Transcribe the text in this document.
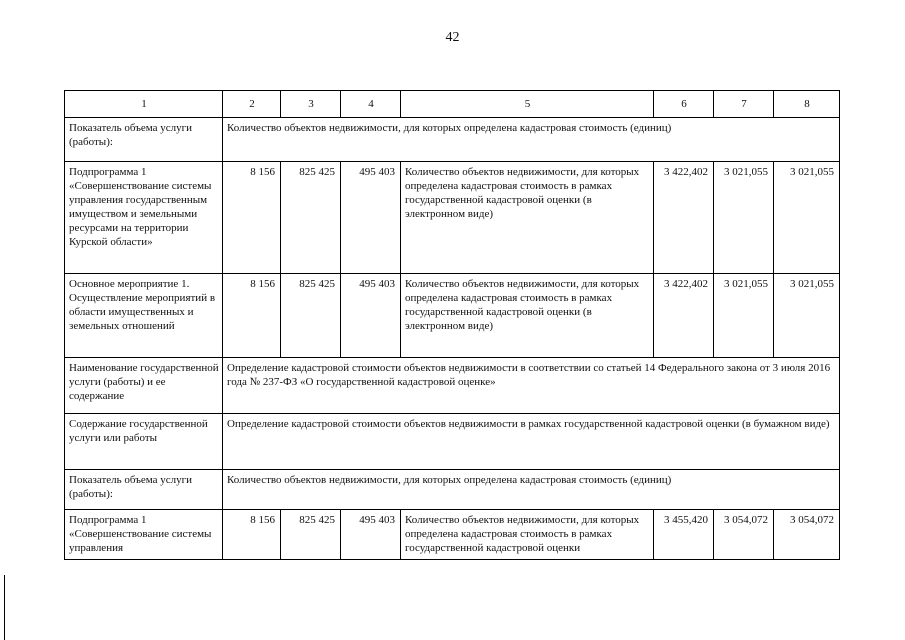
42
1	2	3	4	5	6	7	8
Показатель объема услуги (работы):	Количество объектов недвижимости, для которых определена кадастровая стоимость (единиц)						
Подпрограмма 1 «Совершенствование системы управления государственным имуществом и земельными ресурсами на территории Курской области»	8 156	825 425	495 403	Количество объектов недвижимости, для которых определена кадастровая стоимость в рамках государственной кадастровой оценки (в электронном виде)	3 422,402	3 021,055	3 021,055
Основное мероприятие 1. Осуществление мероприятий в области имущественных и земельных отношений	8 156	825 425	495 403	Количество объектов недвижимости, для которых определена кадастровая стоимость в рамках государственной кадастровой оценки (в электронном виде)	3 422,402	3 021,055	3 021,055
Наименование государственной услуги (работы) и ее содержание	Определение кадастровой стоимости объектов недвижимости в соответствии со статьей 14 Федерального закона от 3 июля 2016 года № 237-ФЗ «О государственной кадастровой оценке»						
Содержание государственной услуги или работы	Определение кадастровой стоимости объектов недвижимости в рамках государственной кадастровой оценки (в бумажном виде)						
Показатель объема услуги (работы):	Количество объектов недвижимости, для которых определена кадастровая стоимость (единиц)						
Подпрограмма 1 «Совершенствование системы управления	8 156	825 425	495 403	Количество объектов недвижимости, для которых определена кадастровая стоимость в рамках государственной кадастровой оценки	3 455,420	3 054,072	3 054,072
